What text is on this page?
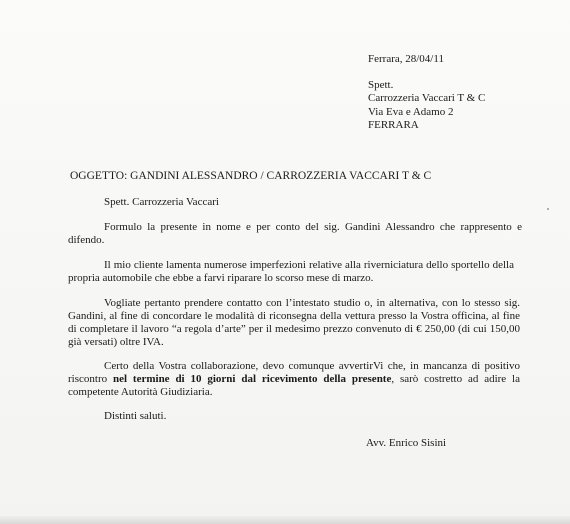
Ferrara, 28/04/11
Spett.
Carrozzeria Vaccari T & C
Via Eva e Adamo 2
FERRARA
OGGETTO: GANDINI ALESSANDRO / CARROZZERIA VACCARI T & C
Spett. Carrozzeria Vaccari
Formulo la presente in nome e per conto del sig. Gandini Alessandro che rappresento e difendo.
Il mio cliente lamenta numerose imperfezioni relative alla riverniciatura dello sportello della propria automobile che ebbe a farvi riparare lo scorso mese di marzo.
Vogliate pertanto prendere contatto con l’intestato studio o, in alternativa, con lo stesso sig. Gandini, al fine di concordare le modalità di riconsegna della vettura presso la Vostra officina, al fine di completare il lavoro “a regola d’arte” per il medesimo prezzo convenuto di € 250,00 (di cui 150,00 già versati) oltre IVA.
Certo della Vostra collaborazione, devo comunque avvertirVi che, in mancanza di positivo riscontro nel termine di 10 giorni dal ricevimento della presente, sarò costretto ad adire la competente Autorità Giudiziaria.
Distinti saluti.
Avv. Enrico Sisini
